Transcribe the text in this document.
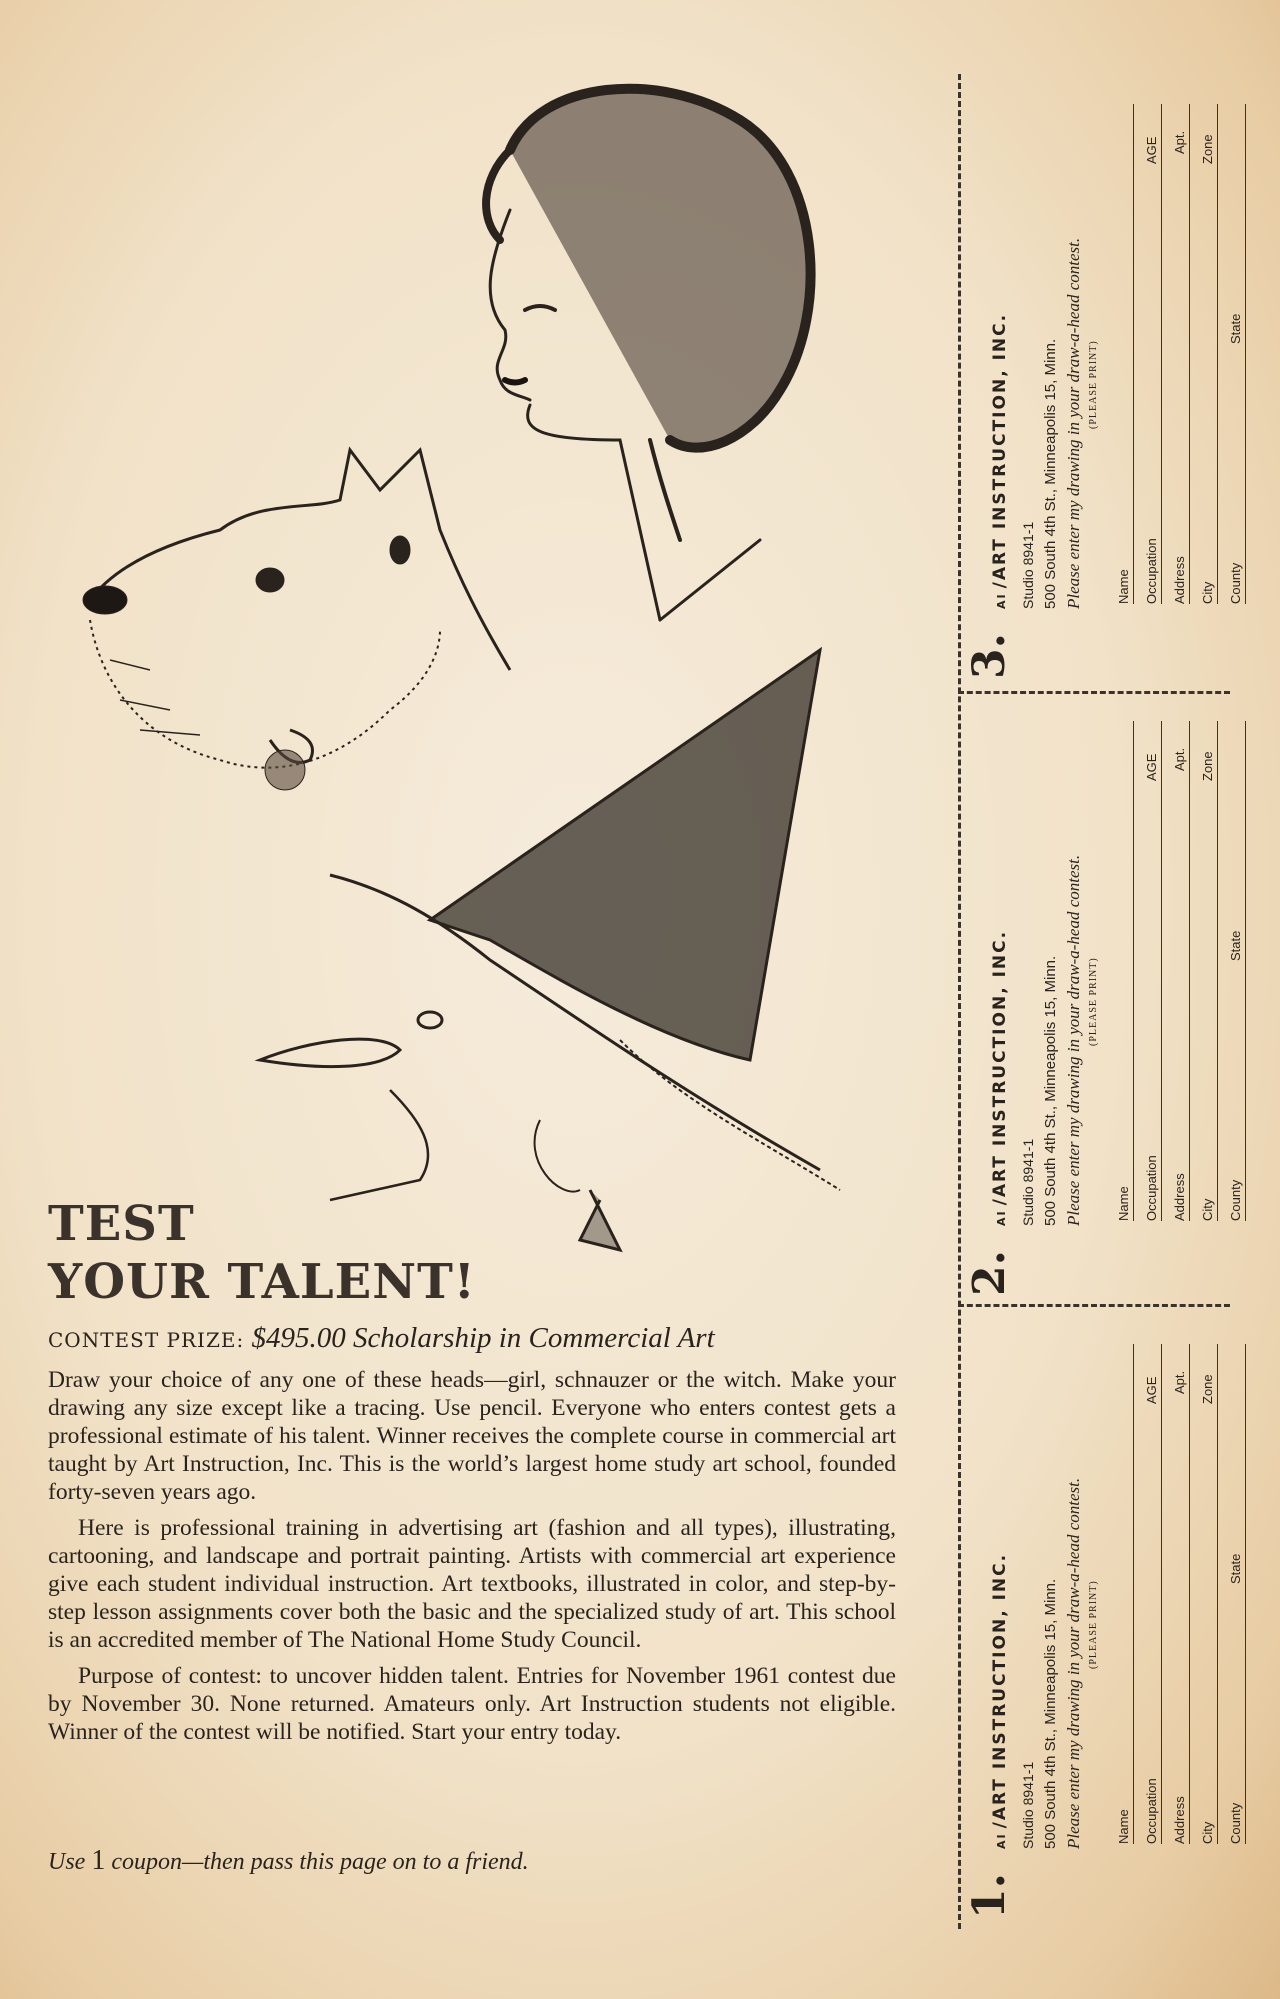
TEST
YOUR TALENT!
CONTEST PRIZE: $495.00 Scholarship in Commercial Art

Draw your choice of any one of these heads—girl, schnauzer or the witch. Make your drawing any size except like a tracing. Use pencil. Everyone who enters contest gets a professional estimate of his talent. Winner receives the complete course in commercial art taught by Art Instruction, Inc. This is the world’s largest home study art school, founded forty-seven years ago.

Here is professional training in advertising art (fashion and all types), illustrating, cartooning, and landscape and portrait painting. Artists with commercial art experience give each student individual instruction. Art textbooks, illustrated in color, and step-by-step lesson assignments cover both the basic and the specialized study of art. This school is an accredited member of The National Home Study Council.

Purpose of contest: to uncover hidden talent. Entries for November 1961 contest due by November 30. None returned. Amateurs only. Art Instruction students not eligible. Winner of the contest will be notified. Start your entry today.

Use 1 coupon—then pass this page on to a friend.
3.
AI/ART INSTRUCTION, INC. Studio 8941-1 500 South 4th St., Minneapolis 15, Minn. Please enter my drawing in your draw-a-head contest. (PLEASE PRINT)
Name Occupation
AGE
Address
Apt.
City
Zone
County
State
2.
AI/ART INSTRUCTION, INC. Studio 8941-1 500 South 4th St., Minneapolis 15, Minn. Please enter my drawing in your draw-a-head contest. (PLEASE PRINT)
Name Occupation
AGE
Address
Apt.
City
Zone
County
State
1.
AI/ART INSTRUCTION, INC. Studio 8941-1 500 South 4th St., Minneapolis 15, Minn. Please enter my drawing in your draw-a-head contest. (PLEASE PRINT)
Name Occupation
AGE
Address
Apt.
City
Zone
County
State
